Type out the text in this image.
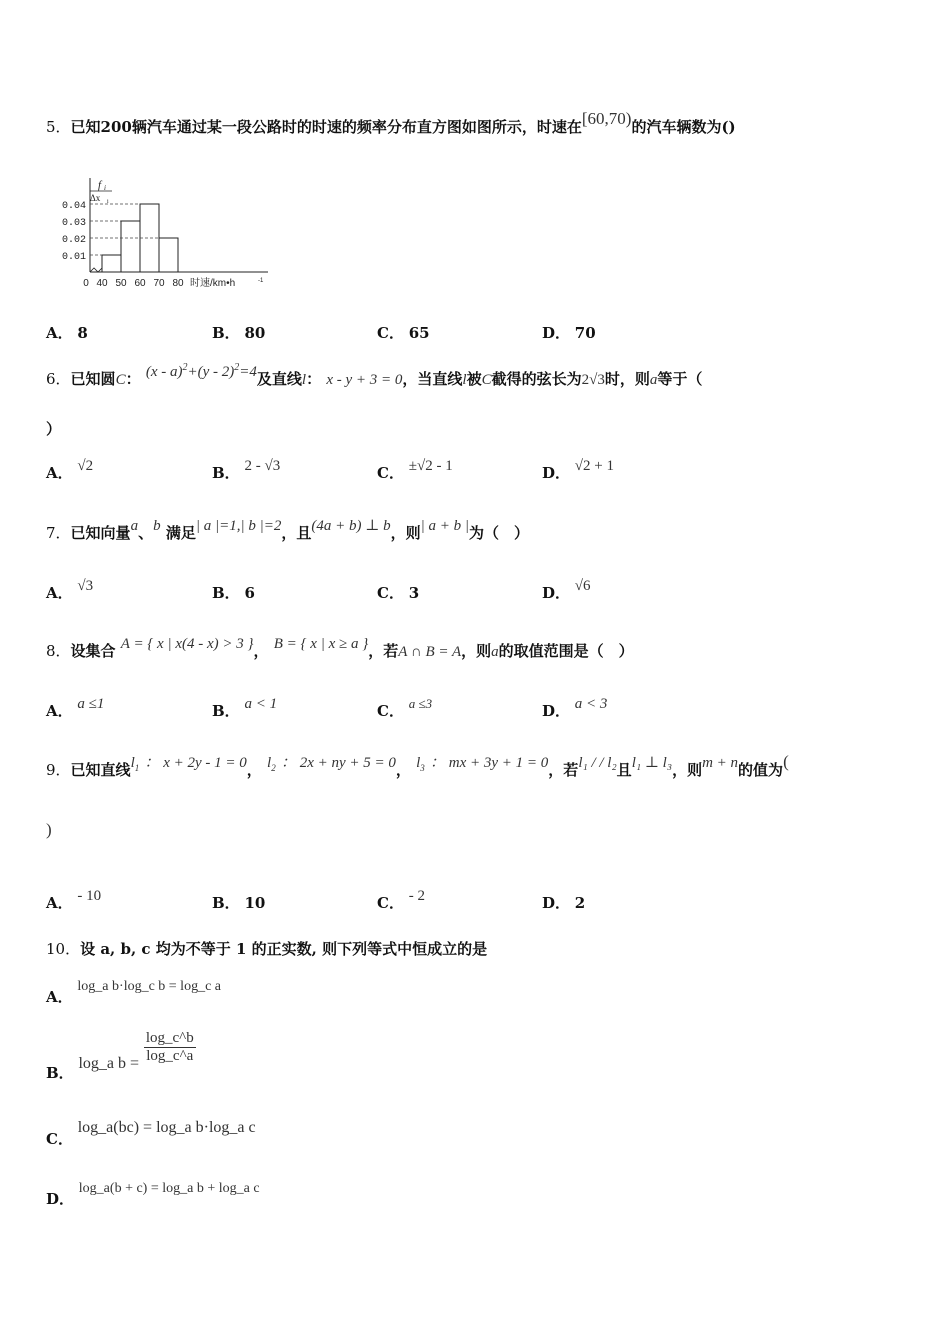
5．已知200辆汽车通过某一段公路时的时速的频率分布直方图如图所示，时速在[60,70)的汽车辆数为()
0.01
0.02
0.03
0.04
0 40 50 60 70 80 时速/km•h	-1
f i
Δx i
A． 8	B． 80	C． 65	D． 70
6．已知圆C： (x - a)$^2$+(y - 2)$^2$=4及直线l： x - y + 3 = 0，当直线l被C截得的弦长为2√3时，则a等于（
）
A． √2	B． 2 - √3	C． ±√2 - 1	D． √2 + 1
7．已知向量a、b 满足| a |=1,| b |=2，且(4a + b) ⊥ b，则| a + b |为（　）
A． √3	B． 6	C． 3	D． √6
8．设集合 A = { x | x(4 - x) > 3 }， B = { x | x ≥ a }，若A ∩ B = A，则a的取值范围是（　）
A． a ≤1	B． a < 1	C． a ≤3	D． a < 3
9．已知直线$l_1$ ： x + 2y - 1 = 0， $l_2$ ： 2x + ny + 5 = 0， $l_3$ ： mx + 3y + 1 = 0，若l₁ / / l₂且l₁ ⊥ l₃，则m + n的值为(
)
A． - 10	B． 10	C． - 2	D． 2
10．设 a, b, c 均为不等于 1 的正实数, 则下列等式中恒成立的是
A． log_a b·log_c b = log_c a
B． log_a $b = \frac{\log\_c\^{}b}{\log\_c\^{}a}$
C． log_a(bc) = log_a b·log_a c
D． log_a(b + c) = log_a b + log_a c
